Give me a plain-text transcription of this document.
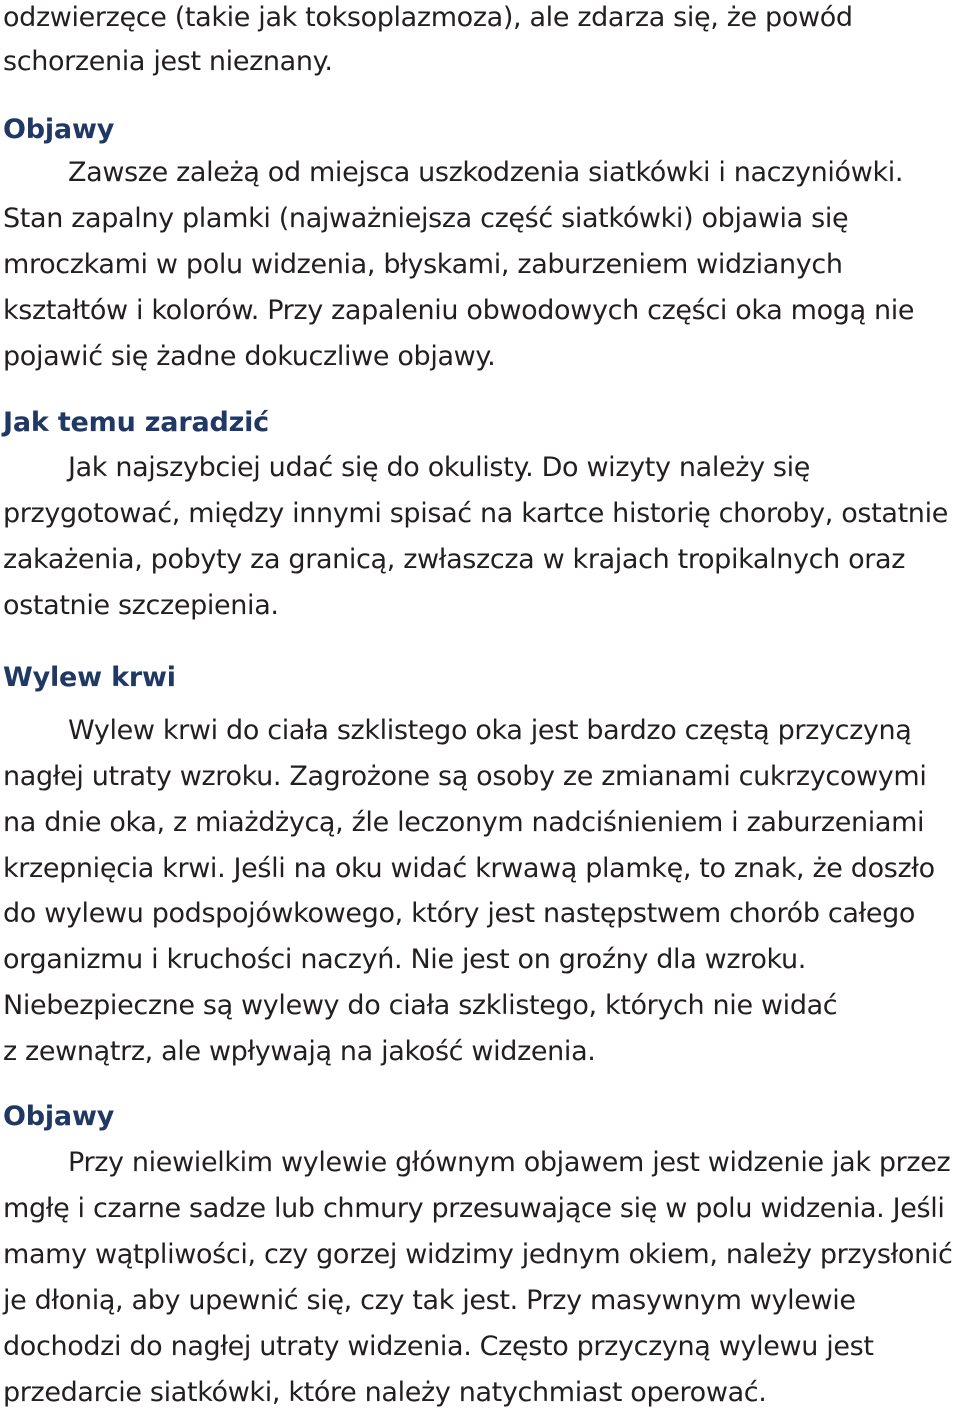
odzwierzęce (takie jak toksoplazmoza), ale zdarza się, że powód
schorzenia jest nieznany.
Objawy
Zawsze zależą od miejsca uszkodzenia siatkówki i naczyniówki.
Stan zapalny plamki (najważniejsza część siatkówki) objawia się
mroczkami w polu widzenia, błyskami, zaburzeniem widzianych
kształtów i kolorów. Przy zapaleniu obwodowych części oka mogą nie
pojawić się żadne dokuczliwe objawy.
Jak temu zaradzić
Jak najszybciej udać się do okulisty. Do wizyty należy się
przygotować, między innymi spisać na kartce historię choroby, ostatnie
zakażenia, pobyty za granicą, zwłaszcza w krajach tropikalnych oraz
ostatnie szczepienia.
Wylew krwi
Wylew krwi do ciała szklistego oka jest bardzo częstą przyczyną
nagłej utraty wzroku. Zagrożone są osoby ze zmianami cukrzycowymi
na dnie oka, z miażdżycą, źle leczonym nadciśnieniem i zaburzeniami
krzepnięcia krwi. Jeśli na oku widać krwawą plamkę, to znak, że doszło
do wylewu podspojówkowego, który jest następstwem chorób całego
organizmu i kruchości naczyń. Nie jest on groźny dla wzroku.
Niebezpieczne są wylewy do ciała szklistego, których nie widać
z zewnątrz, ale wpływają na jakość widzenia.
Objawy
Przy niewielkim wylewie głównym objawem jest widzenie jak przez
mgłę i czarne sadze lub chmury przesuwające się w polu widzenia. Jeśli
mamy wątpliwości, czy gorzej widzimy jednym okiem, należy przysłonić
je dłonią, aby upewnić się, czy tak jest. Przy masywnym wylewie
dochodzi do nagłej utraty widzenia. Często przyczyną wylewu jest
przedarcie siatkówki, które należy natychmiast operować.
